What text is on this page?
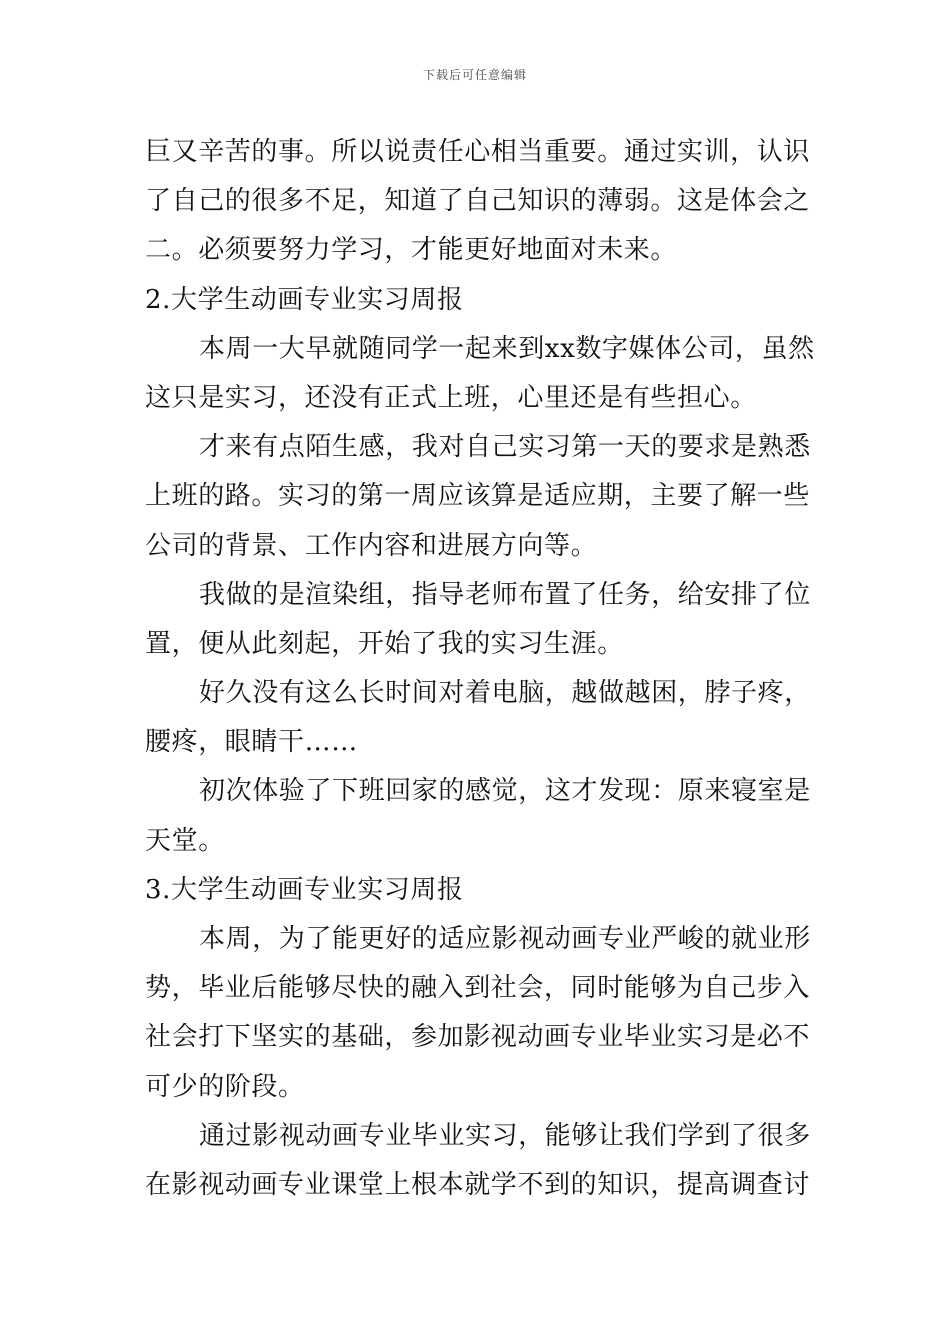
下载后可任意编辑
巨又辛苦的事。所以说责任心相当重要。通过实训，认识
了自己的很多不足，知道了自己知识的薄弱。这是体会之
二。必须要努力学习，才能更好地面对未来。
2.大学生动画专业实习周报
本周一大早就随同学一起来到xx数字媒体公司，虽然
这只是实习，还没有正式上班，心里还是有些担心。
才来有点陌生感，我对自己实习第一天的要求是熟悉
上班的路。实习的第一周应该算是适应期，主要了解一些
公司的背景、工作内容和进展方向等。
我做的是渲染组，指导老师布置了任务，给安排了位
置，便从此刻起，开始了我的实习生涯。
好久没有这么长时间对着电脑，越做越困，脖子疼，
腰疼，眼睛干……
初次体验了下班回家的感觉，这才发现：原来寝室是
天堂。
3.大学生动画专业实习周报
本周，为了能更好的适应影视动画专业严峻的就业形
势，毕业后能够尽快的融入到社会，同时能够为自己步入
社会打下坚实的基础，参加影视动画专业毕业实习是必不
可少的阶段。
通过影视动画专业毕业实习，能够让我们学到了很多
在影视动画专业课堂上根本就学不到的知识，提高调查讨
